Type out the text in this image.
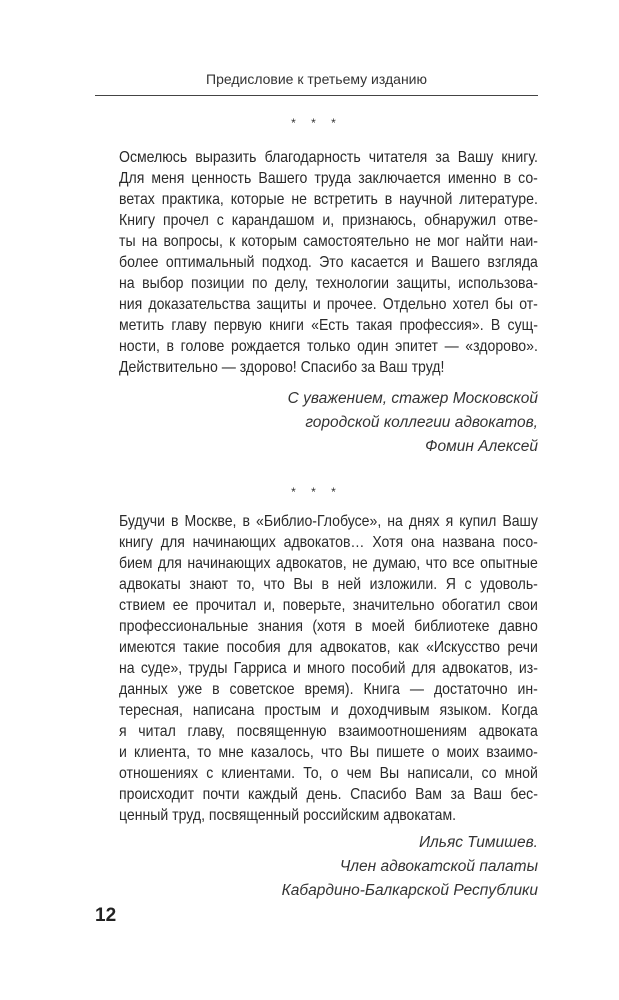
Предисловие к третьему изданию
* * *
Осмелюсь выразить благодарность читателя за Вашу книгу.
Для меня ценность Вашего труда заключается именно в со-
ветах практика, которые не встретить в научной литературе.
Книгу прочел с карандашом и, признаюсь, обнаружил отве-
ты на вопросы, к которым самостоятельно не мог найти наи-
более оптимальный подход. Это касается и Вашего взгляда
на выбор позиции по делу, технологии защиты, использова-
ния доказательства защиты и прочее. Отдельно хотел бы от-
метить главу первую книги «Есть такая профессия». В сущ-
ности, в голове рождается только один эпитет — «здорово».
Действительно — здорово! Спасибо за Ваш труд!
С уважением, стажер Московской
городской коллегии адвокатов,
Фомин Алексей
* * *
Будучи в Москве, в «Библио-Глобусе», на днях я купил Вашу
книгу для начинающих адвокатов… Хотя она названа посо-
бием для начинающих адвокатов, не думаю, что все опытные
адвокаты знают то, что Вы в ней изложили. Я с удоволь-
ствием ее прочитал и, поверьте, значительно обогатил свои
профессиональные знания (хотя в моей библиотеке давно
имеются такие пособия для адвокатов, как «Искусство речи
на суде», труды Гарриса и много пособий для адвокатов, из-
данных уже в советское время). Книга — достаточно ин-
тересная, написана простым и доходчивым языком. Когда
я читал главу, посвященную взаимоотношениям адвоката
и клиента, то мне казалось, что Вы пишете о моих взаимо-
отношениях с клиентами. То, о чем Вы написали, со мной
происходит почти каждый день. Спасибо Вам за Ваш бес-
ценный труд, посвященный российским адвокатам.
Ильяс Тимишев.
Член адвокатской палаты
Кабардино-Балкарской Республики
12
